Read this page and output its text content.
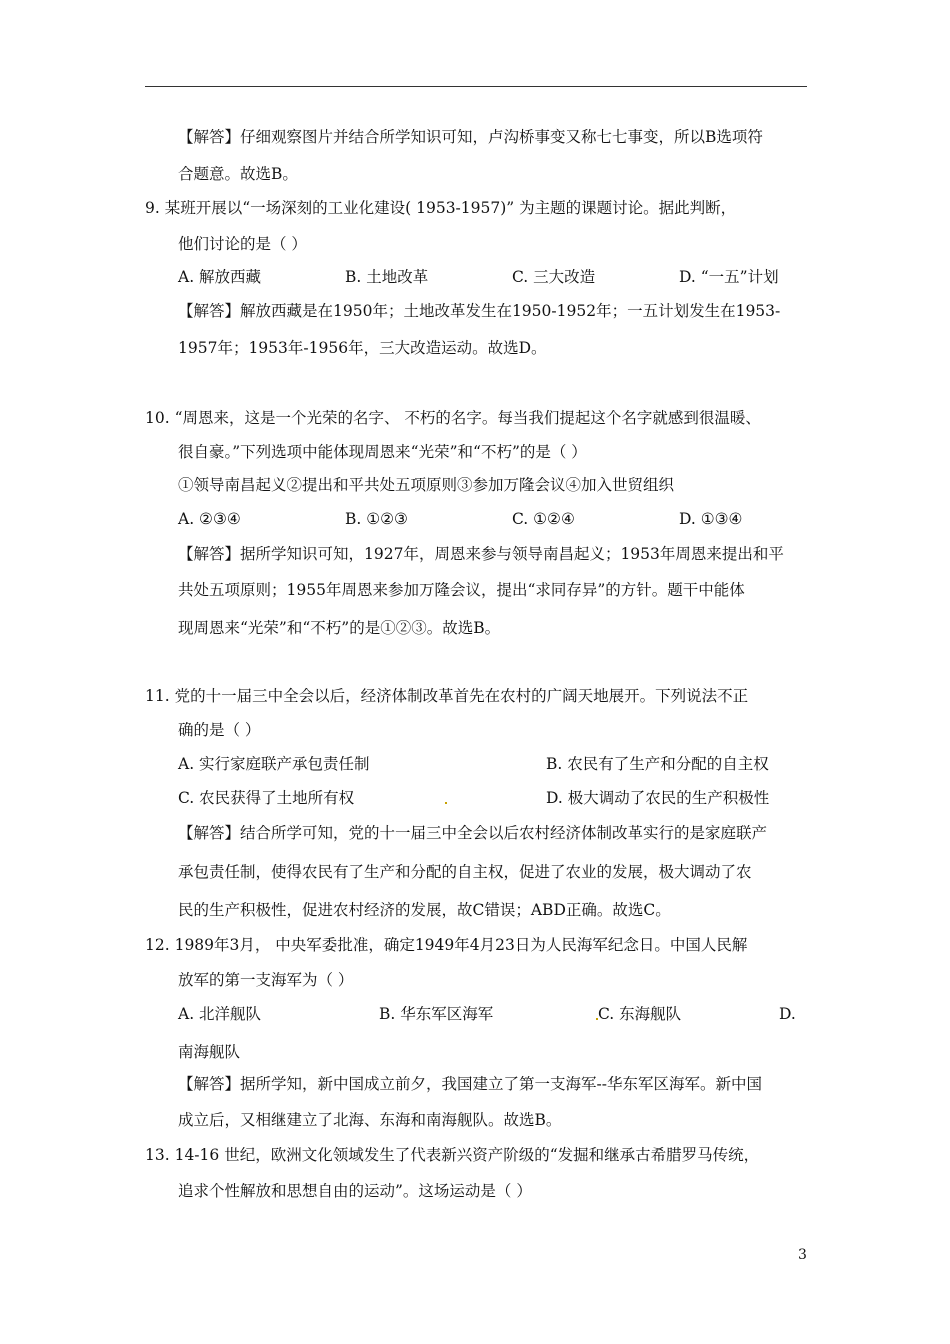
【解答】仔细观察图片并结合所学知识可知，卢沟桥事变又称七七事变，所以B选项符
合题意。故选B。
9. 某班开展以“一场深刻的工业化建设( 1953-1957)” 为主题的课题讨论。据此判断，
他们讨论的是（ ）
A. 解放西藏	B. 土地改革	C. 三大改造	D. “一五”计划
【解答】解放西藏是在1950年；土地改革发生在1950-1952年；一五计划发生在1953-
1957年；1953年-1956年，三大改造运动。故选D。
10. “周恩来，这是一个光荣的名字、 不朽的名字。每当我们提起这个名字就感到很温暖、
很自豪。”下列选项中能体现周恩来“光荣”和“不朽”的是（ ）
①领导南昌起义②提出和平共处五项原则③参加万隆会议④加入世贸组织
A. ②③④	B. ①②③	C. ①②④	D. ①③④
【解答】据所学知识可知，1927年，周恩来参与领导南昌起义；1953年周恩来提出和平
共处五项原则；1955年周恩来参加万隆会议，提出“求同存异”的方针。题干中能体
现周恩来“光荣”和“不朽”的是①②③。故选B。
11. 党的十一届三中全会以后，经济体制改革首先在农村的广阔天地展开。下列说法不正
确的是（ ）
A. 实行家庭联产承包责任制	B. 农民有了生产和分配的自主权
C. 农民获得了土地所有权	D. 极大调动了农民的生产积极性
【解答】结合所学可知，党的十一届三中全会以后农村经济体制改革实行的是家庭联产
承包责任制，使得农民有了生产和分配的自主权，促进了农业的发展，极大调动了农
民的生产积极性，促进农村经济的发展，故C错误；ABD正确。故选C。
12. 1989年3月， 中央军委批准，确定1949年4月23日为人民海军纪念日。中国人民解
放军的第一支海军为（ ）
A. 北洋舰队	B. 华东军区海军	C. 东海舰队	D.
南海舰队
【解答】据所学知，新中国成立前夕，我国建立了第一支海军--华东军区海军。新中国
成立后，又相继建立了北海、东海和南海舰队。故选B。
13. 14-16 世纪，欧洲文化领域发生了代表新兴资产阶级的“发掘和继承古希腊罗马传统，
追求个性解放和思想自由的运动”。这场运动是（ ）
3
